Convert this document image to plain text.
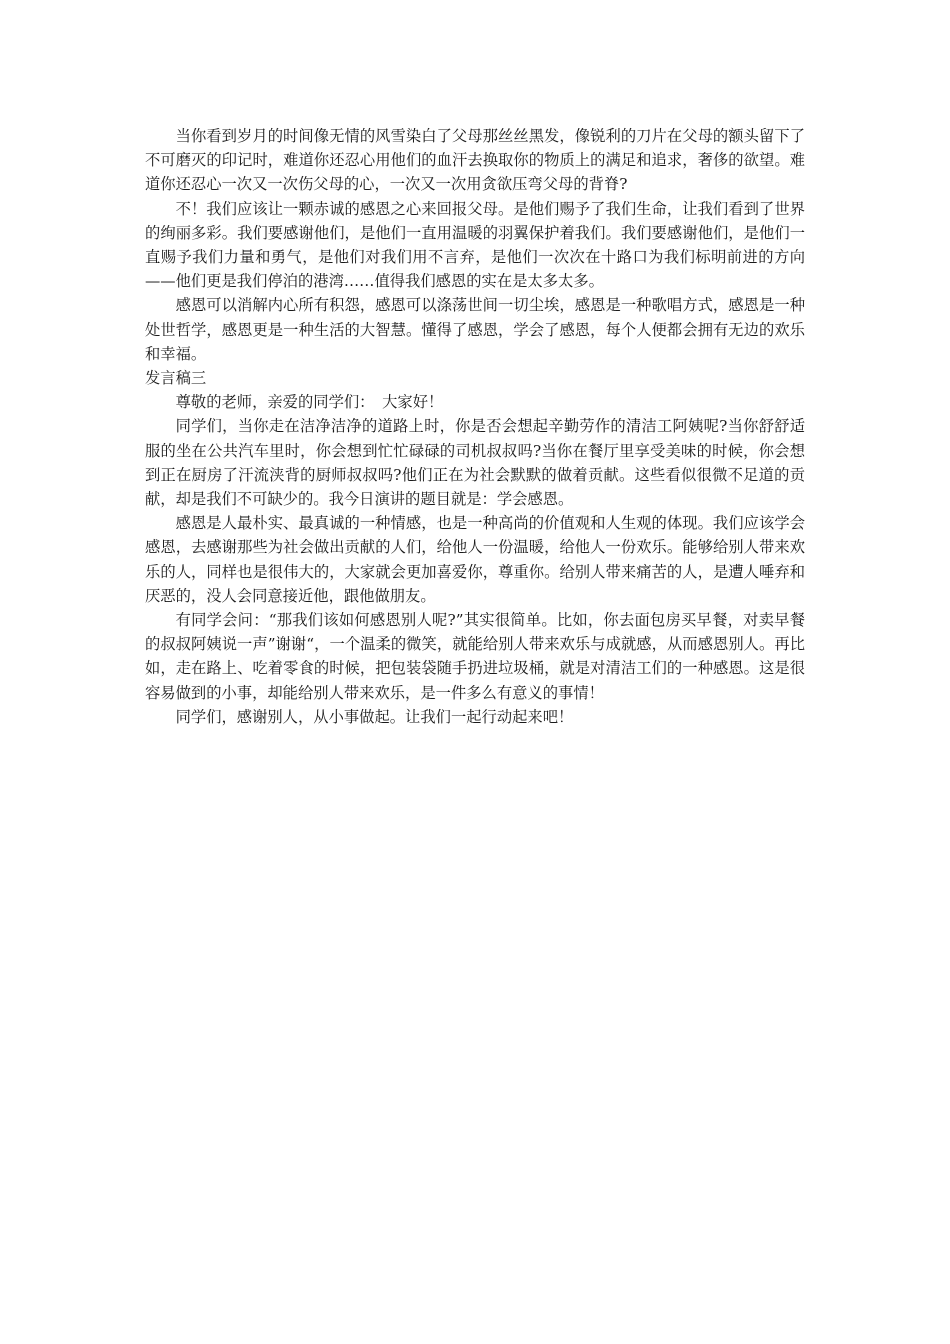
当你看到岁月的时间像无情的风雪染白了父母那丝丝黑发，像锐利的刀片在父母的额头留下了不可磨灭的印记时，难道你还忍心用他们的血汗去换取你的物质上的满足和追求，奢侈的欲望。难道你还忍心一次又一次伤父母的心，一次又一次用贪欲压弯父母的背脊?

不！我们应该让一颗赤诚的感恩之心来回报父母。是他们赐予了我们生命，让我们看到了世界的绚丽多彩。我们要感谢他们，是他们一直用温暖的羽翼保护着我们。我们要感谢他们，是他们一直赐予我们力量和勇气，是他们对我们用不言弃，是他们一次次在十路口为我们标明前进的方向——他们更是我们停泊的港湾……值得我们感恩的实在是太多太多。

感恩可以消解内心所有积怨，感恩可以涤荡世间一切尘埃，感恩是一种歌唱方式，感恩是一种处世哲学，感恩更是一种生活的大智慧。懂得了感恩，学会了感恩，每个人便都会拥有无边的欢乐和幸福。

发言稿三

尊敬的老师，亲爱的同学们：　大家好！

同学们，当你走在洁净洁净的道路上时，你是否会想起辛勤劳作的清洁工阿姨呢?当你舒舒适服的坐在公共汽车里时，你会想到忙忙碌碌的司机叔叔吗?当你在餐厅里享受美味的时候，你会想到正在厨房了汗流浃背的厨师叔叔吗?他们正在为社会默默的做着贡献。这些看似很微不足道的贡献，却是我们不可缺少的。我今日演讲的题目就是：学会感恩。

感恩是人最朴实、最真诚的一种情感，也是一种高尚的价值观和人生观的体现。我们应该学会感恩，去感谢那些为社会做出贡献的人们，给他人一份温暖，给他人一份欢乐。能够给别人带来欢乐的人，同样也是很伟大的，大家就会更加喜爱你，尊重你。给别人带来痛苦的人，是遭人唾弃和厌恶的，没人会同意接近他，跟他做朋友。

有同学会问：“那我们该如何感恩别人呢?”其实很简单。比如，你去面包房买早餐，对卖早餐的叔叔阿姨说一声”谢谢“，一个温柔的微笑，就能给别人带来欢乐与成就感，从而感恩别人。再比如，走在路上、吃着零食的时候，把包装袋随手扔进垃圾桶，就是对清洁工们的一种感恩。这是很容易做到的小事，却能给别人带来欢乐，是一件多么有意义的事情！

同学们，感谢别人，从小事做起。让我们一起行动起来吧！
